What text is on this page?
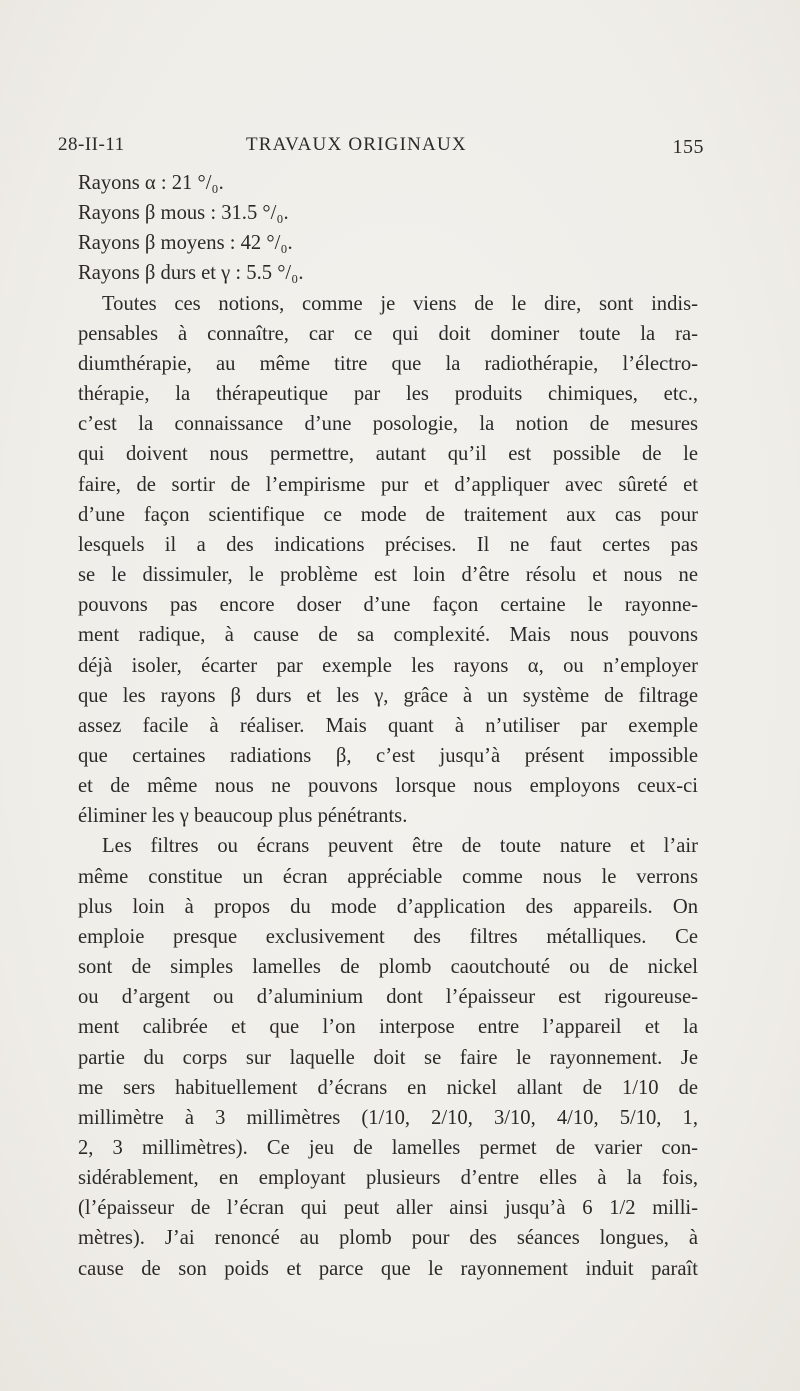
28-II-11	TRAVAUX ORIGINAUX	155
Rayons α : 21 °/₀.
Rayons β mous : 31.5 °/₀.
Rayons β moyens : 42 °/₀.
Rayons β durs et γ : 5.5 °/₀.
Toutes ces notions, comme je viens de le dire, sont indis-
pensables à connaître, car ce qui doit dominer toute la ra-
diumthérapie, au même titre que la radiothérapie, l’électro-
thérapie, la thérapeutique par les produits chimiques, etc.,
c’est la connaissance d’une posologie, la notion de mesures
qui doivent nous permettre, autant qu’il est possible de le
faire, de sortir de l’empirisme pur et d’appliquer avec sûreté et
d’une façon scientifique ce mode de traitement aux cas pour
lesquels il a des indications précises. Il ne faut certes pas
se le dissimuler, le problème est loin d’être résolu et nous ne
pouvons pas encore doser d’une façon certaine le rayonne-
ment radique, à cause de sa complexité. Mais nous pouvons
déjà isoler, écarter par exemple les rayons α, ou n’employer
que les rayons β durs et les γ, grâce à un système de filtrage
assez facile à réaliser. Mais quant à n’utiliser par exemple
que certaines radiations β, c’est jusqu’à présent impossible
et de même nous ne pouvons lorsque nous employons ceux-ci
éliminer les γ beaucoup plus pénétrants.
Les filtres ou écrans peuvent être de toute nature et l’air
même constitue un écran appréciable comme nous le verrons
plus loin à propos du mode d’application des appareils. On
emploie presque exclusivement des filtres métalliques. Ce
sont de simples lamelles de plomb caoutchouté ou de nickel
ou d’argent ou d’aluminium dont l’épaisseur est rigoureuse-
ment calibrée et que l’on interpose entre l’appareil et la
partie du corps sur laquelle doit se faire le rayonnement. Je
me sers habituellement d’écrans en nickel allant de 1/10 de
millimètre à 3 millimètres (1/10, 2/10, 3/10, 4/10, 5/10, 1,
2, 3 millimètres). Ce jeu de lamelles permet de varier con-
sidérablement, en employant plusieurs d’entre elles à la fois,
(l’épaisseur de l’écran qui peut aller ainsi jusqu’à 6 1/2 milli-
mètres). J’ai renoncé au plomb pour des séances longues, à
cause de son poids et parce que le rayonnement induit paraît
